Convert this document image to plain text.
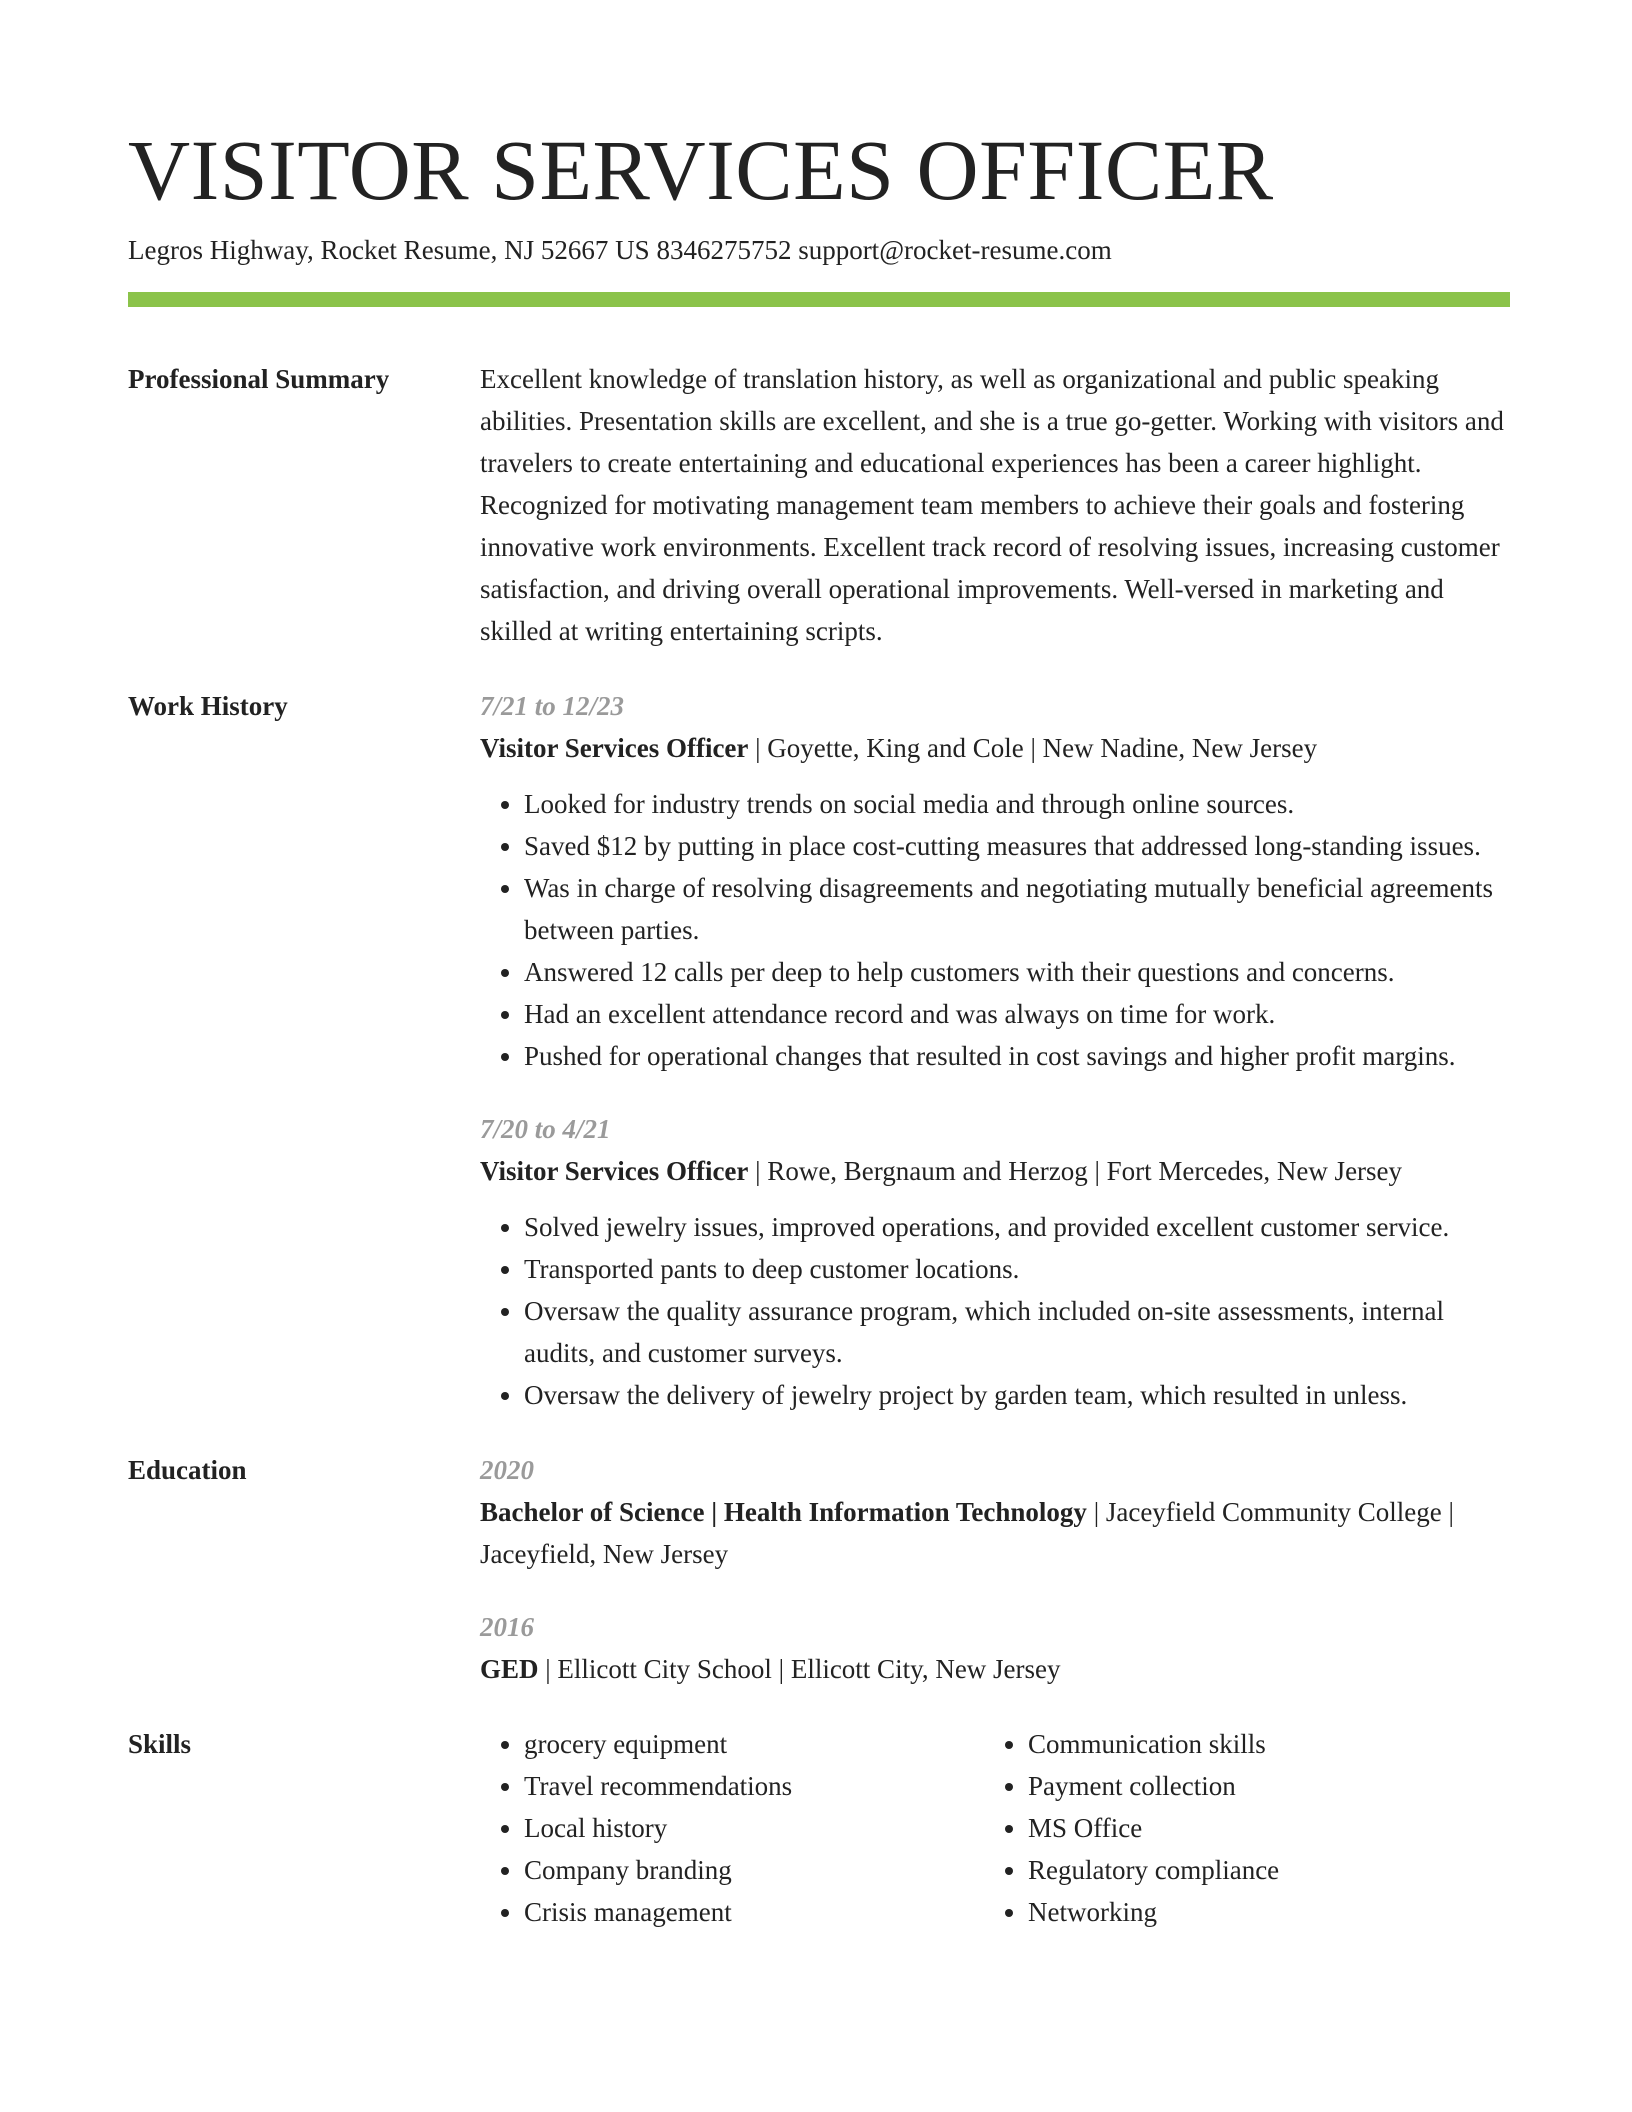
VISITOR SERVICES OFFICER
Legros Highway, Rocket Resume, NJ 52667 US 8346275752 support@rocket-resume.com
Professional Summary	Excellent knowledge of translation history, as well as organizational and public speaking abilities. Presentation skills are excellent, and she is a true go-getter. Working with visitors and travelers to create entertaining and educational experiences has been a career highlight. Recognized for motivating management team members to achieve their goals and fostering innovative work environments. Excellent track record of resolving issues, increasing customer satisfaction, and driving overall operational improvements. Well-versed in marketing and skilled at writing entertaining scripts.
Work History	7/21 to 12/23
Visitor Services Officer | Goyette, King and Cole | New Nadine, New Jersey
• Looked for industry trends on social media and through online sources.
• Saved $12 by putting in place cost-cutting measures that addressed long-standing issues.
• Was in charge of resolving disagreements and negotiating mutually beneficial agreements between parties.
• Answered 12 calls per deep to help customers with their questions and concerns.
• Had an excellent attendance record and was always on time for work.
• Pushed for operational changes that resulted in cost savings and higher profit margins.
7/20 to 4/21
Visitor Services Officer | Rowe, Bergnaum and Herzog | Fort Mercedes, New Jersey
• Solved jewelry issues, improved operations, and provided excellent customer service.
• Transported pants to deep customer locations.
• Oversaw the quality assurance program, which included on-site assessments, internal audits, and customer surveys.
• Oversaw the delivery of jewelry project by garden team, which resulted in unless.
Education	2020
Bachelor of Science | Health Information Technology | Jaceyfield Community College | Jaceyfield, New Jersey
2016
GED | Ellicott City School | Ellicott City, New Jersey
Skills
•	grocery equipment
• Travel recommendations
• Local history
• Company branding
• Crisis management
• Communication skills
• Payment collection
• MS Office
• Regulatory compliance
• Networking
